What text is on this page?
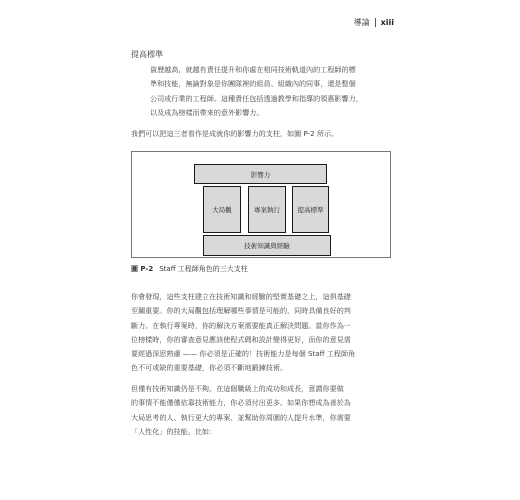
導論 xiii
提高標準

資歷越高，就越有責任提升和你處在相同技術軌道內的工程師的標
準和技能，無論對象是你團隊裡的組員、組織內的同事，還是整個
公司或行業的工程師。這種責任包括透過教學和指導的領惠影響力，
以及成為榜樣而帶來的意外影響力。

我們可以把這三者看作是成就你的影響力的支柱，如圖 P-2 所示。

影響力
大局觀	專案執行	提高標準
技術知識與經驗
圖 P-2 Staff 工程師角色的三大支柱

你會發現，這些支柱建立在技術知識和經驗的堅實基礎之上，這俱基礎
至關重要。你的大局觀包括理解哪些事情是可能的，同時具備良好的判
斷力。在執行專案時，你的解決方案需要能真正解決問題。當你作為一
位榜樣時，你的審查意見應該使程式碼和設計變得更好，而你的意見需
要經過深思熟慮 —— 你必須是正確的！技術能力是每個 Staff 工程師角
色不可或缺的重要基礎，你必須不斷地鍛鍊技術。

但僅有技術知識仍是不夠。在這個職級上的成功和成長，意謂你要做
的事情不能僅僅依靠技術能力，你必須付出更多。如果你想成為善於為
大局思考的人、執行更大的專案、並幫助你周圍的人提升水準，你需要
「人性化」的技能。比如：
